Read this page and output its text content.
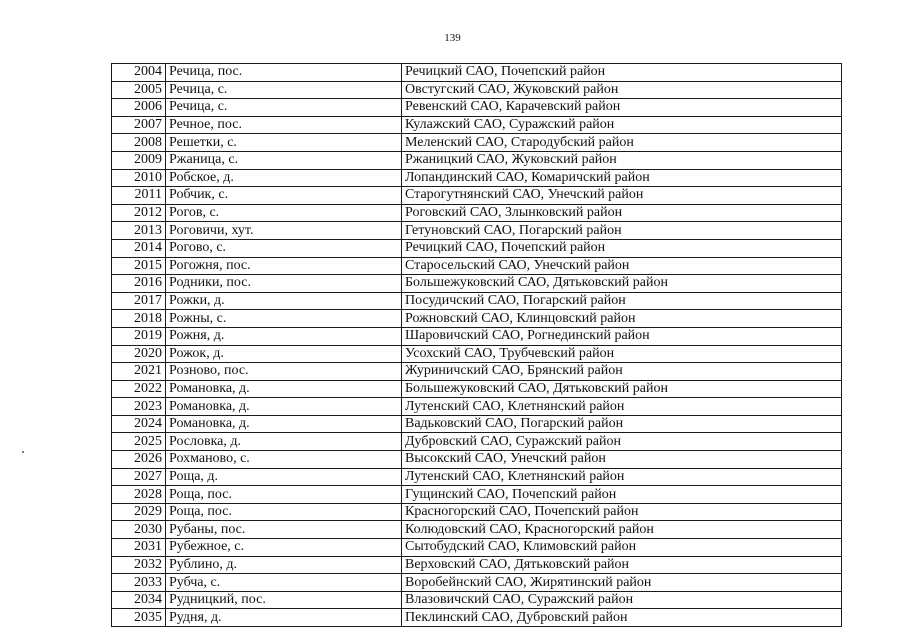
139
2004	Речица, пос.	Речицкий САО, Почепский район
2005	Речица, с.	Овстугский САО, Жуковский район
2006	Речица, с.	Ревенский САО, Карачевский район
2007	Речное, пос.	Кулажский САО, Суражский район
2008	Решетки, с.	Меленский САО, Стародубский район
2009	Ржаница, с.	Ржаницкий САО, Жуковский район
2010	Робское, д.	Лопандинский САО, Комаричский район
2011	Робчик, с.	Старогутнянский САО, Унечский район
2012	Рогов, с.	Роговский САО, Злынковский район
2013	Роговичи, хут.	Гетуновский САО, Погарский район
2014	Рогово, с.	Речицкий САО, Почепский район
2015	Рогожня, пос.	Старосельский САО, Унечский район
2016	Родники, пос.	Большежуковский САО, Дятьковский район
2017	Рожки, д.	Посудичский САО, Погарский район
2018	Рожны, с.	Рожновский САО, Клинцовский район
2019	Рожня, д.	Шаровичский САО, Рогнединский район
2020	Рожок, д.	Усохский САО, Трубчевский район
2021	Розново, пос.	Журиничский САО, Брянский район
2022	Романовка, д.	Большежуковский САО, Дятьковский район
2023	Романовка, д.	Лутенский САО, Клетнянский район
2024	Романовка, д.	Вадьковский САО, Погарский район
2025	Рословка, д.	Дубровский САО, Суражский район
2026	Рохманово, с.	Высокский САО, Унечский район
2027	Роща, д.	Лутенский САО, Клетнянский район
2028	Роща, пос.	Гущинский САО, Почепский район
2029	Роща, пос.	Красногорский САО, Почепский район
2030	Рубаны, пос.	Колюдовский САО, Красногорский район
2031	Рубежное, с.	Сытобудский САО, Климовский район
2032	Рублино, д.	Верховский САО, Дятьковский район
2033	Рубча, с.	Воробейнский САО, Жирятинский район
2034	Рудницкий, пос.	Влазовичский САО, Суражский район
2035	Рудня, д.	Пеклинский САО, Дубровский район
